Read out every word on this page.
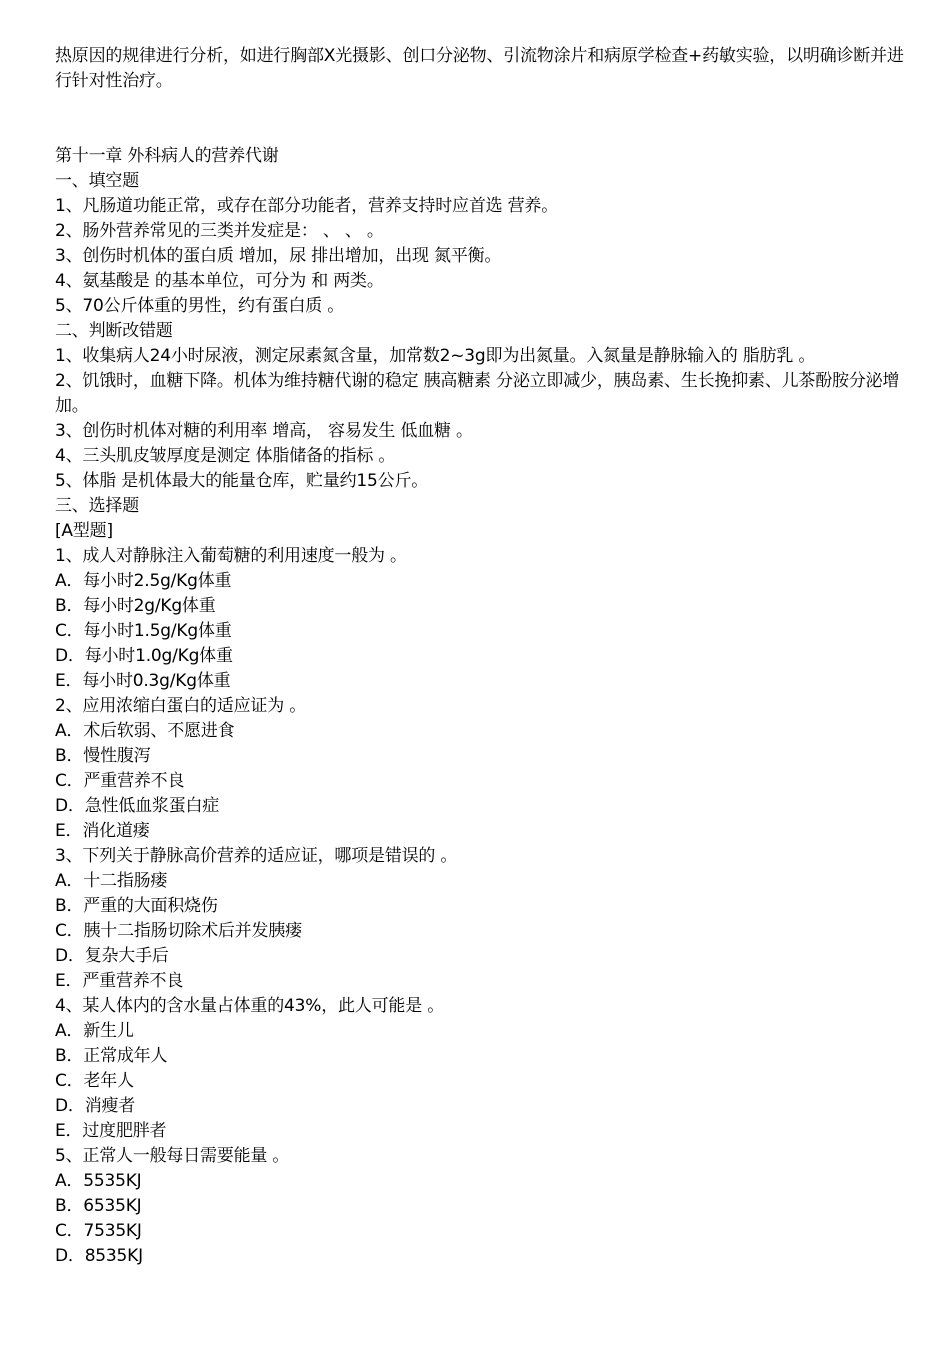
热原因的规律进行分析，如进行胸部X光摄影、创口分泌物、引流物涂片和病原学检查+药敏实验，以明确诊断并进行针对性治疗。

第十一章 外科病人的营养代谢
一、填空题
1、凡肠道功能正常，或存在部分功能者，营养支持时应首选 营养。
2、肠外营养常见的三类并发症是： 、 、 。
3、创伤时机体的蛋白质 增加，尿 排出增加，出现 氮平衡。
4、氨基酸是 的基本单位，可分为 和 两类。
5、70公斤体重的男性，约有蛋白质 。
二、判断改错题
1、收集病人24小时尿液，测定尿素氮含量，加常数2~3g即为出氮量。入氮量是静脉输入的 脂肪乳 。
2、饥饿时，血糖下降。机体为维持糖代谢的稳定 胰高糖素 分泌立即减少，胰岛素、生长挽抑素、儿茶酚胺分泌增加。
3、创伤时机体对糖的利用率 增高， 容易发生 低血糖 。
4、三头肌皮皱厚度是测定 体脂储备的指标 。
5、体脂 是机体最大的能量仓库，贮量约15公斤。
三、选择题
[A型题]
1、成人对静脉注入葡萄糖的利用速度一般为 。
A．每小时2.5g/Kg体重
B．每小时2g/Kg体重
C．每小时1.5g/Kg体重
D．每小时1.0g/Kg体重
E．每小时0.3g/Kg体重
2、应用浓缩白蛋白的适应证为 。
A．术后软弱、不愿进食
B．慢性腹泻
C．严重营养不良
D．急性低血浆蛋白症
E．消化道瘘
3、下列关于静脉高价营养的适应证，哪项是错误的 。
A．十二指肠瘘
B．严重的大面积烧伤
C．胰十二指肠切除术后并发胰瘘
D．复杂大手后
E．严重营养不良
4、某人体内的含水量占体重的43%，此人可能是 。
A．新生儿
B．正常成年人
C．老年人
D．消瘦者
E．过度肥胖者
5、正常人一般每日需要能量 。
A．5535KJ
B．6535KJ
C．7535KJ
D．8535KJ
